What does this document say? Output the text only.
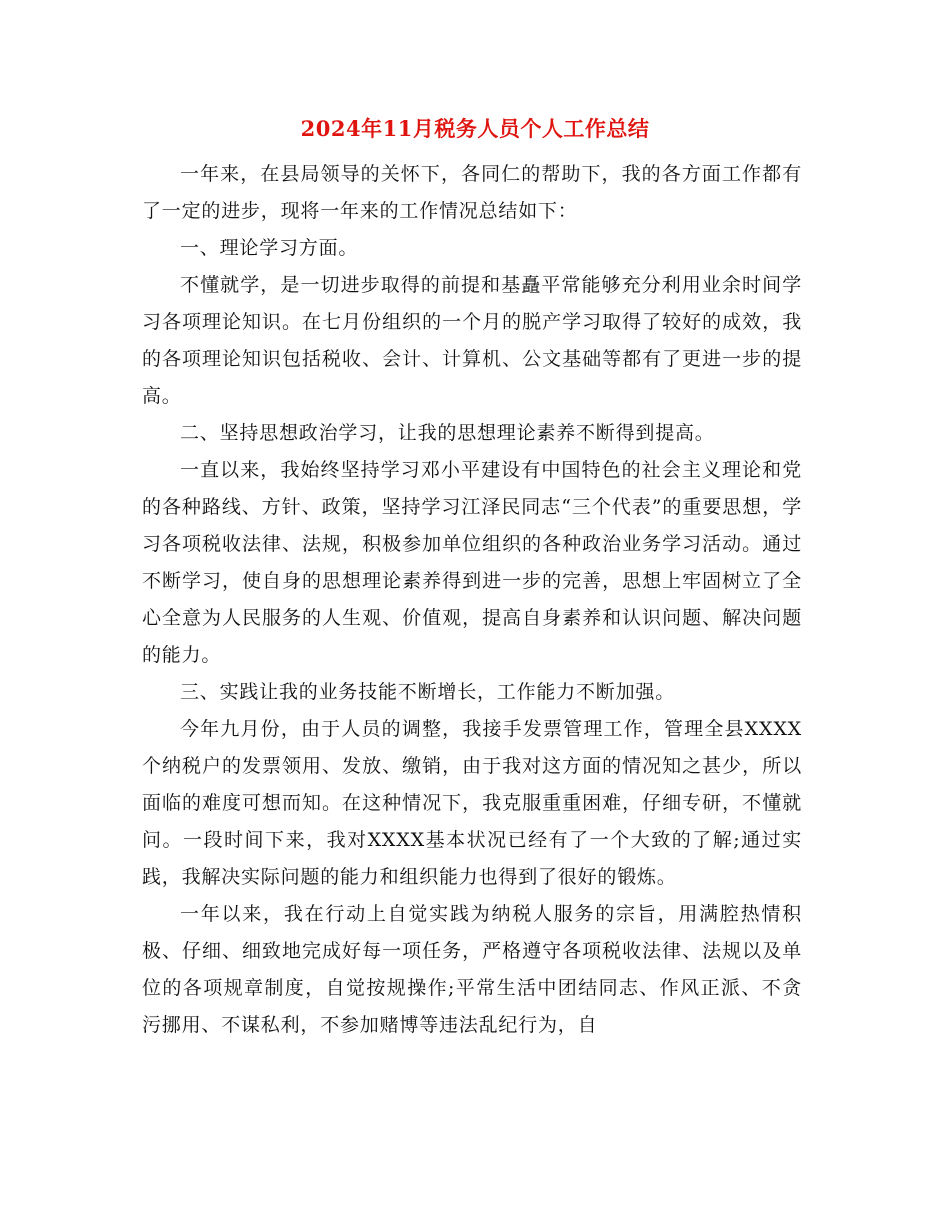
2024年11月税务人员个人工作总结

一年来，在县局领导的关怀下，各同仁的帮助下，我的各方面工作都有了一定的进步，现将一年来的工作情况总结如下：

一、理论学习方面。

不懂就学，是一切进步取得的前提和基矗平常能够充分利用业余时间学习各项理论知识。在七月份组织的一个月的脱产学习取得了较好的成效，我的各项理论知识包括税收、会计、计算机、公文基础等都有了更进一步的提高。

二、坚持思想政治学习，让我的思想理论素养不断得到提高。

一直以来，我始终坚持学习邓小平建设有中国特色的社会主义理论和党的各种路线、方针、政策，坚持学习江泽民同志“三个代表”的重要思想，学习各项税收法律、法规，积极参加单位组织的各种政治业务学习活动。通过不断学习，使自身的思想理论素养得到进一步的完善，思想上牢固树立了全心全意为人民服务的人生观、价值观，提高自身素养和认识问题、解决问题的能力。

三、实践让我的业务技能不断增长，工作能力不断加强。

今年九月份，由于人员的调整，我接手发票管理工作，管理全县XXXX个纳税户的发票领用、发放、缴销，由于我对这方面的情况知之甚少，所以面临的难度可想而知。在这种情况下，我克服重重困难，仔细专研，不懂就问。一段时间下来，我对XXXX基本状况已经有了一个大致的了解;通过实践，我解决实际问题的能力和组织能力也得到了很好的锻炼。

一年以来，我在行动上自觉实践为纳税人服务的宗旨，用满腔热情积极、仔细、细致地完成好每一项任务，严格遵守各项税收法律、法规以及单位的各项规章制度，自觉按规操作;平常生活中团结同志、作风正派、不贪污挪用、不谋私利，不参加赌博等违法乱纪行为，自
